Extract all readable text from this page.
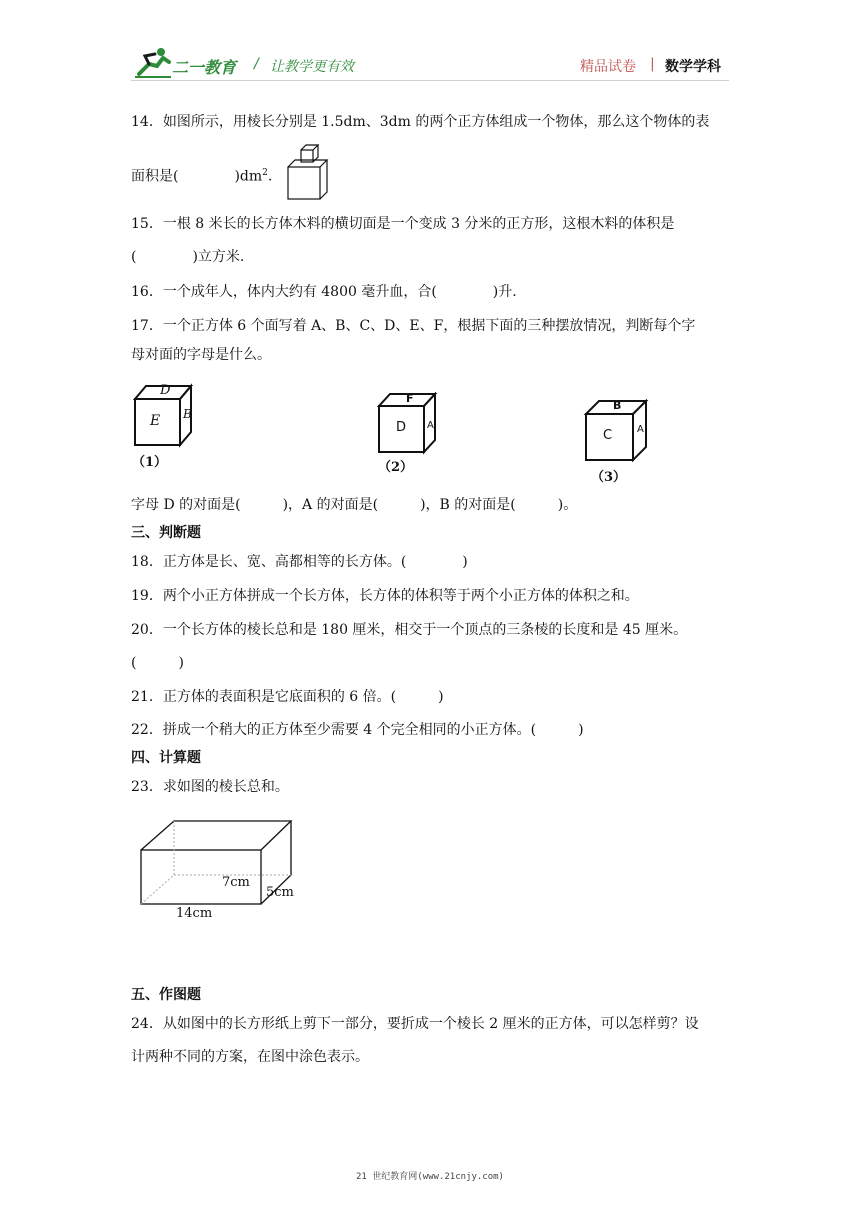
二一教育 / 让教学更有效	精品试卷 | 数学学科
14．如图所示，用棱长分别是 1.5dm、3dm 的两个正方体组成一个物体，那么这个物体的表
面积是(　　　　)$dm^2$.
15．一根 8 米长的长方体木料的横切面是一个变成 3 分米的正方形，这根木料的体积是
(　　　　)立方米.
16．一个成年人，体内大约有 4800 毫升血，合(　　　　)升.
17．一个正方体 6 个面写着 A、B、C、D、E、F，根据下面的三种摆放情况，判断每个字
母对面的字母是什么。
D
E B
（1）
F
D A
（2）
B
C A
（3）
字母 D 的对面是(　　　)，A 的对面是(　　　)，B 的对面是(　　　)。
三、判断题
18．正方体是长、宽、高都相等的长方体。(　　　　)
19．两个小正方体拼成一个长方体，长方体的体积等于两个小正方体的体积之和。
20．一个长方体的棱长总和是 180 厘米，相交于一个顶点的三条棱的长度和是 45 厘米。
(　　　)
21．正方体的表面积是它底面积的 6 倍。(　　　)
22．拼成一个稍大的正方体至少需要 4 个完全相同的小正方体。(　　　)
四、计算题
23．求如图的棱长总和。
7cm
5cm
14cm
五、作图题
24．从如图中的长方形纸上剪下一部分，要折成一个棱长 2 厘米的正方体，可以怎样剪？设
计两种不同的方案，在图中涂色表示。
21 世纪教育网(www.21cnjy.com)
